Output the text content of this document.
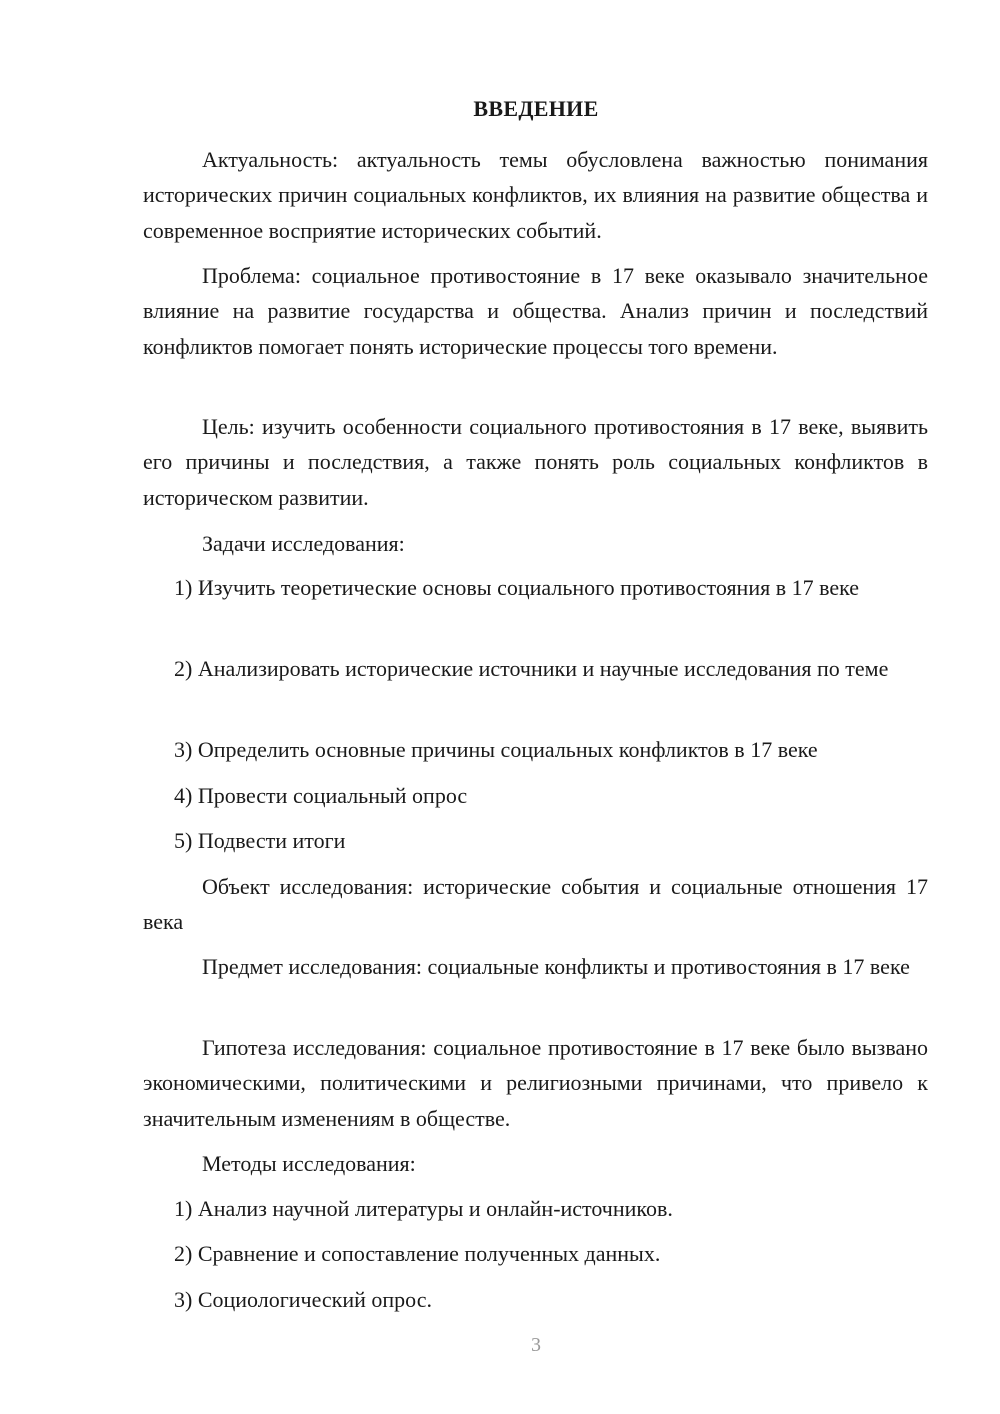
ВВЕДЕНИЕ

Актуальность: актуальность темы обусловлена важностью понимания исторических причин социальных конфликтов, их влияния на развитие общества и современное восприятие исторических событий.

Проблема: социальное противостояние в 17 веке оказывало значительное влияние на развитие государства и общества. Анализ причин и последствий конфликтов помогает понять исторические процессы того времени.

Цель: изучить особенности социального противостояния в 17 веке, выявить его причины и последствия, а также понять роль социальных конфликтов в историческом развитии.

Задачи исследования:

1) Изучить теоретические основы социального противостояния в 17 веке

2) Анализировать исторические источники и научные исследования по теме

3) Определить основные причины социальных конфликтов в 17 веке

4) Провести социальный опрос

5) Подвести итоги

Объект исследования: исторические события и социальные отношения 17 века

Предмет исследования: социальные конфликты и противостояния в 17 веке

Гипотеза исследования: социальное противостояние в 17 веке было вызвано экономическими, политическими и религиозными причинами, что привело к значительным изменениям в обществе.

Методы исследования:

1) Анализ научной литературы и онлайн-источников.

2) Сравнение и сопоставление полученных данных.

3) Социологический опрос.

3
